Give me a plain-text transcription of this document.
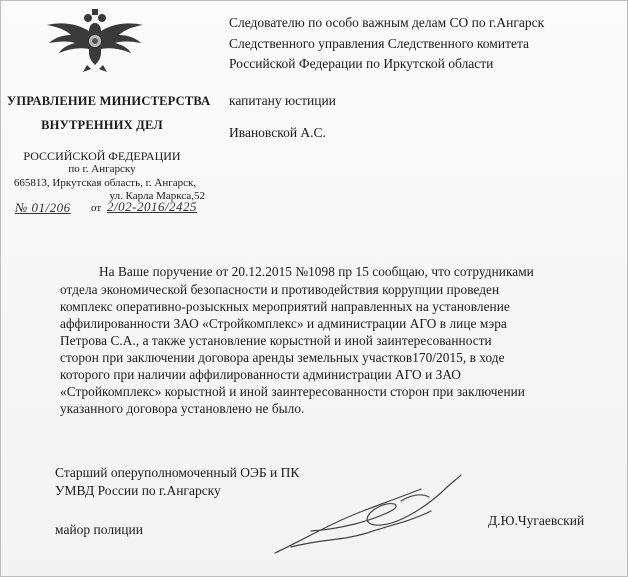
УПРАВЛЕНИЕ МИНИСТЕРСТВА
ВНУТРЕННИХ ДЕЛ
РОССИЙСКОЙ ФЕДЕРАЦИИ
по г. Ангарску
665813, Иркутская область, г. Ангарск,
ул. Карла Маркса,52
№ 01/206 от 2/02-2016/2425
Следователю по особо важным делам СО по г.Ангарск
Следственного управления Следственного комитета
Российской Федерации по Иркутской области
капитану юстиции
Ивановской А.С.
На Ваше поручение от 20.12.2015 №1098 пр 15 сообщаю, что сотрудниками
отдела экономической безопасности и противодействия коррупции проведен
комплекс оперативно-розыскных мероприятий направленных на установление
аффилированности ЗАО «Стройкомплекс» и администрации АГО в лице мэра
Петрова С.А., а также установление корыстной и иной заинтересованности
сторон при заключении договора аренды земельных участков170/2015, в ходе
которого при наличии аффилированности администрации АГО и ЗАО
«Стройкомплекс» корыстной и иной заинтересованности сторон при заключении
указанного договора установлено не было.
Старший оперуполномоченный ОЭБ и ПК
УМВД России по г.Ангарску
майор полиции
Д.Ю.Чугаевский
